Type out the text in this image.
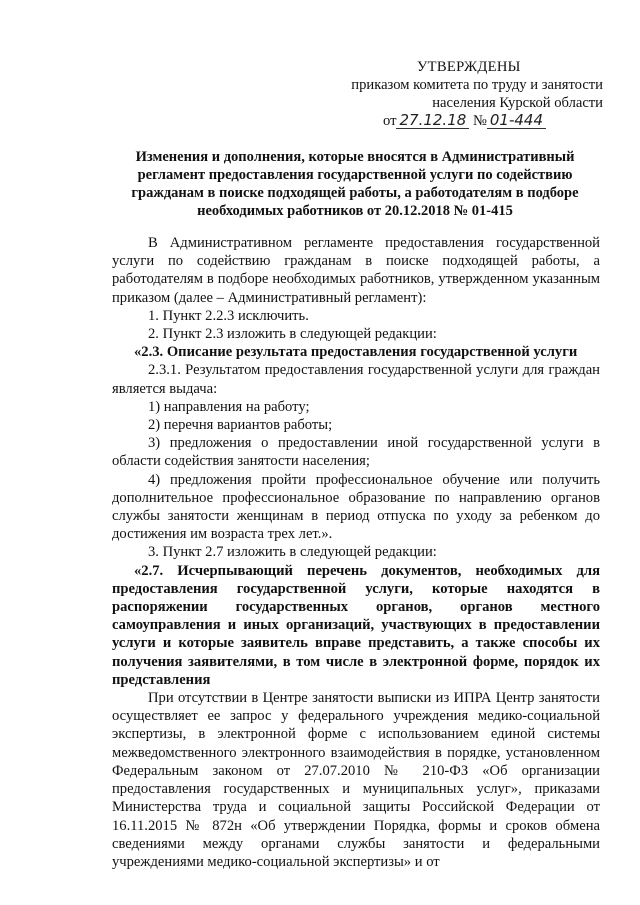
УТВЕРЖДЕНЫ
приказом комитета по труду и занятости
населения Курской области
от 27.12.18 № 01-444
Изменения и дополнения, которые вносятся в Административный регламент предоставления государственной услуги по содействию гражданам в поиске подходящей работы, а работодателям в подборе необходимых работников от 20.12.2018 № 01-415

В Административном регламенте предоставления государственной услуги по содействию гражданам в поиске подходящей работы, а работодателям в подборе необходимых работников, утвержденном указанным приказом (далее – Административный регламент):

1. Пункт 2.2.3 исключить.

2. Пункт 2.3 изложить в следующей редакции:

«2.3. Описание результата предоставления государственной услуги

2.3.1. Результатом предоставления государственной услуги для граждан является выдача:

1) направления на работу;

2) перечня вариантов работы;

3) предложения о предоставлении иной государственной услуги в области содействия занятости населения;

4) предложения пройти профессиональное обучение или получить дополнительное профессиональное образование по направлению органов службы занятости женщинам в период отпуска по уходу за ребенком до достижения им возраста трех лет.».

3. Пункт 2.7 изложить в следующей редакции:

«2.7. Исчерпывающий перечень документов, необходимых для предоставления государственной услуги, которые находятся в распоряжении государственных органов, органов местного самоуправления и иных организаций, участвующих в предоставлении услуги и которые заявитель вправе представить, а также способы их получения заявителями, в том числе в электронной форме, порядок их представления

При отсутствии в Центре занятости выписки из ИПРА Центр занятости осуществляет ее запрос у федерального учреждения медико-социальной экспертизы, в электронной форме с использованием единой системы межведомственного электронного взаимодействия в порядке, установленном Федеральным законом от 27.07.2010 № 210-ФЗ «Об организации предоставления государственных и муниципальных услуг», приказами Министерства труда и социальной защиты Российской Федерации от 16.11.2015 № 872н «Об утверждении Порядка, формы и сроков обмена сведениями между органами службы занятости и федеральными учреждениями медико-социальной экспертизы» и от
